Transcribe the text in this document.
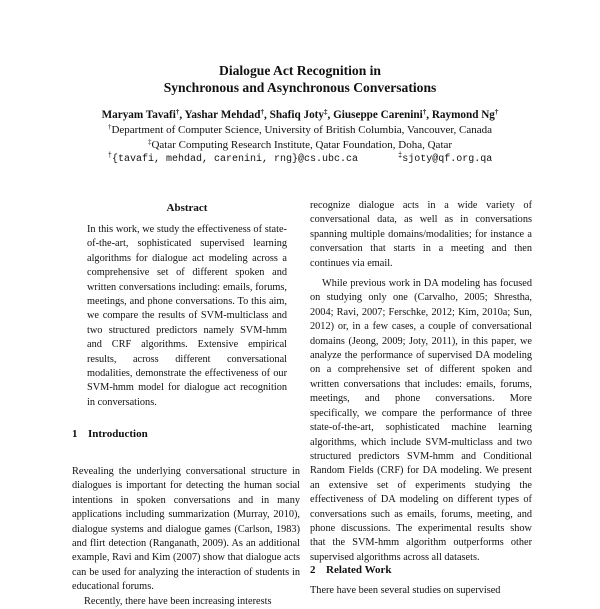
Dialogue Act Recognition in
Synchronous and Asynchronous Conversations
Maryam Tavafi†, Yashar Mehdad†, Shafiq Joty‡, Giuseppe Carenini†, Raymond Ng†
†Department of Computer Science, University of British Columbia, Vancouver, Canada
‡Qatar Computing Research Institute, Qatar Foundation, Doha, Qatar
†{tavafi, mehdad, carenini, rng}@cs.ubc.ca	‡sjoty@qf.org.qa
Abstract

In this work, we study the effectiveness of state-of-the-art, sophisticated supervised learning algorithms for dialogue act modeling across a comprehensive set of different spoken and written conversations including: emails, forums, meetings, and phone conversations. To this aim, we compare the results of SVM-multiclass and two structured predictors namely SVM-hmm and CRF algorithms. Extensive empirical results, across different conversational modalities, demonstrate the effectiveness of our SVM-hmm model for dialogue act recognition in conversations.

1 Introduction

Revealing the underlying conversational structure in dialogues is important for detecting the human social intentions in spoken conversations and in many applications including summarization (Murray, 2010), dialogue systems and dialogue games (Carlson, 1983) and flirt detection (Ranganath, 2009). As an additional example, Ravi and Kim (2007) show that dialogue acts can be used for analyzing the interaction of students in educational forums.

Recently, there have been increasing interests

recognize dialogue acts in a wide variety of conversational data, as well as in conversations spanning multiple domains/modalities; for instance a conversation that starts in a meeting and then continues via email.

While previous work in DA modeling has focused on studying only one (Carvalho, 2005; Shrestha, 2004; Ravi, 2007; Ferschke, 2012; Kim, 2010a; Sun, 2012) or, in a few cases, a couple of conversational domains (Jeong, 2009; Joty, 2011), in this paper, we analyze the performance of supervised DA modeling on a comprehensive set of different spoken and written conversations that includes: emails, forums, meetings, and phone conversations. More specifically, we compare the performance of three state-of-the-art, sophisticated machine learning algorithms, which include SVM-multiclass and two structured predictors SVM-hmm and Conditional Random Fields (CRF) for DA modeling. We present an extensive set of experiments studying the effectiveness of DA modeling on different types of conversations such as emails, forums, meeting, and phone discussions. The experimental results show that the SVM-hmm algorithm outperforms other supervised algorithms across all datasets.

2 Related Work

There have been several studies on supervised
